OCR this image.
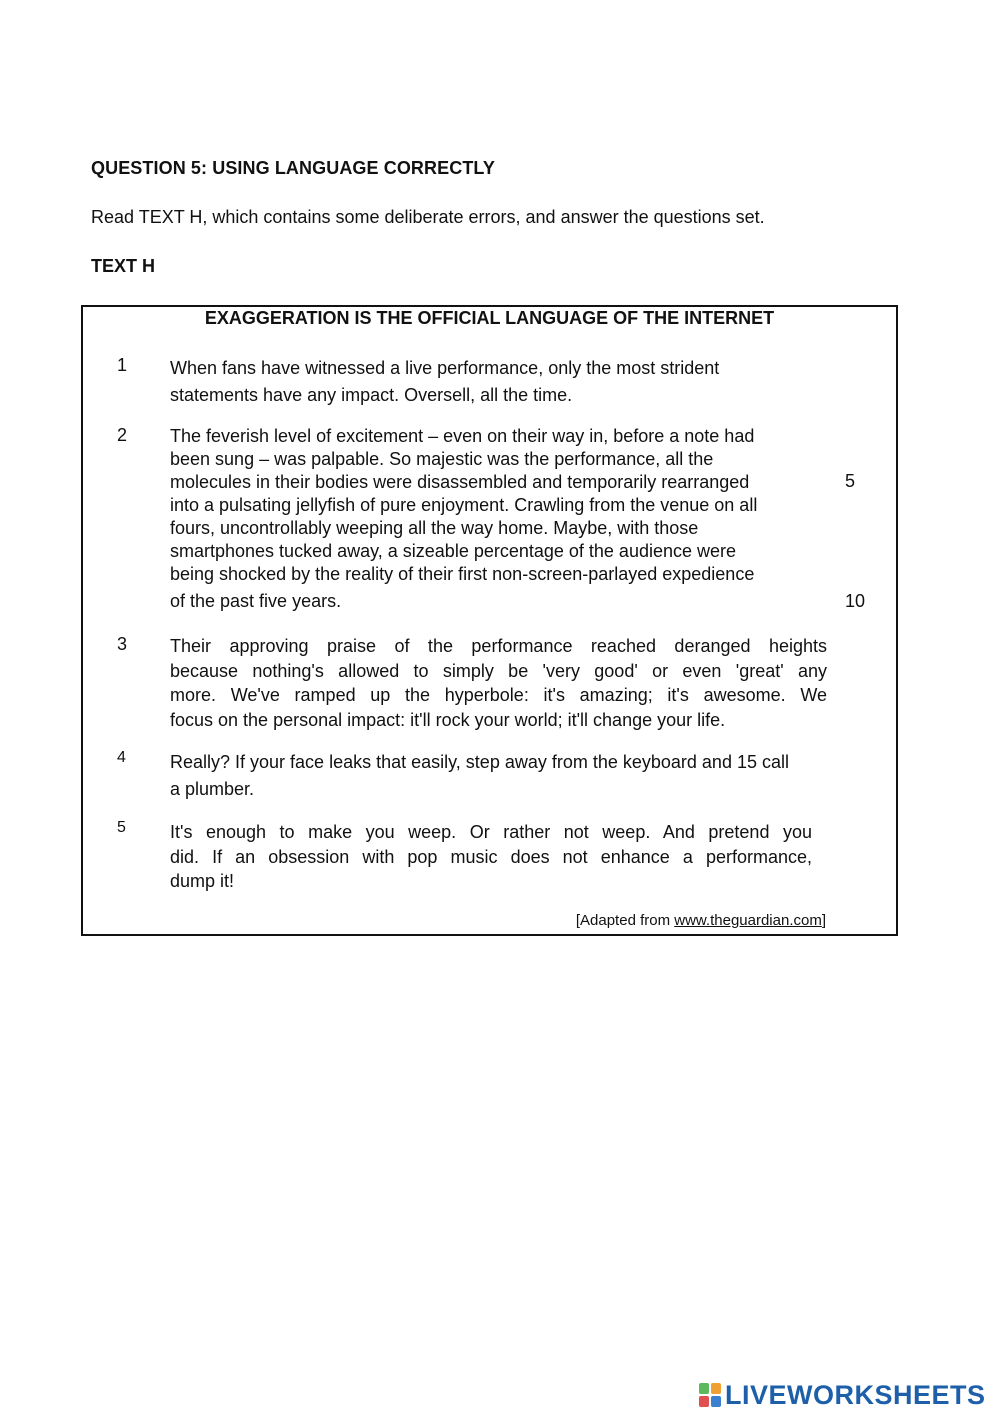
QUESTION 5: USING LANGUAGE CORRECTLY
Read TEXT H, which contains some deliberate errors, and answer the questions set.
TEXT H
EXAGGERATION IS THE OFFICIAL LANGUAGE OF THE INTERNET
1 When fans have witnessed a live performance, only the most strident
statements have any impact. Oversell, all the time.
2 The feverish level of excitement – even on their way in, before a note had
been sung – was palpable. So majestic was the performance, all the
molecules in their bodies were disassembled and temporarily rearranged
into a pulsating jellyfish of pure enjoyment. Crawling from the venue on all
fours, uncontrollably weeping all the way home. Maybe, with those
smartphones tucked away, a sizeable percentage of the audience were
being shocked by the reality of their first non-screen-parlayed expedience
of the past five years.
5
10
3 Their approving praise of the performance reached deranged heights
because nothing's allowed to simply be 'very good' or even 'great' any
more. We've ramped up the hyperbole: it's amazing; it's awesome. We
focus on the personal impact: it'll rock your world; it'll change your life.
4 Really? If your face leaks that easily, step away from the keyboard and 15 call
a plumber.
5 It's enough to make you weep. Or rather not weep. And pretend you
did. If an obsession with pop music does not enhance a performance,
dump it!
[Adapted from www.theguardian.com]
LIVEWORKSHEETS
